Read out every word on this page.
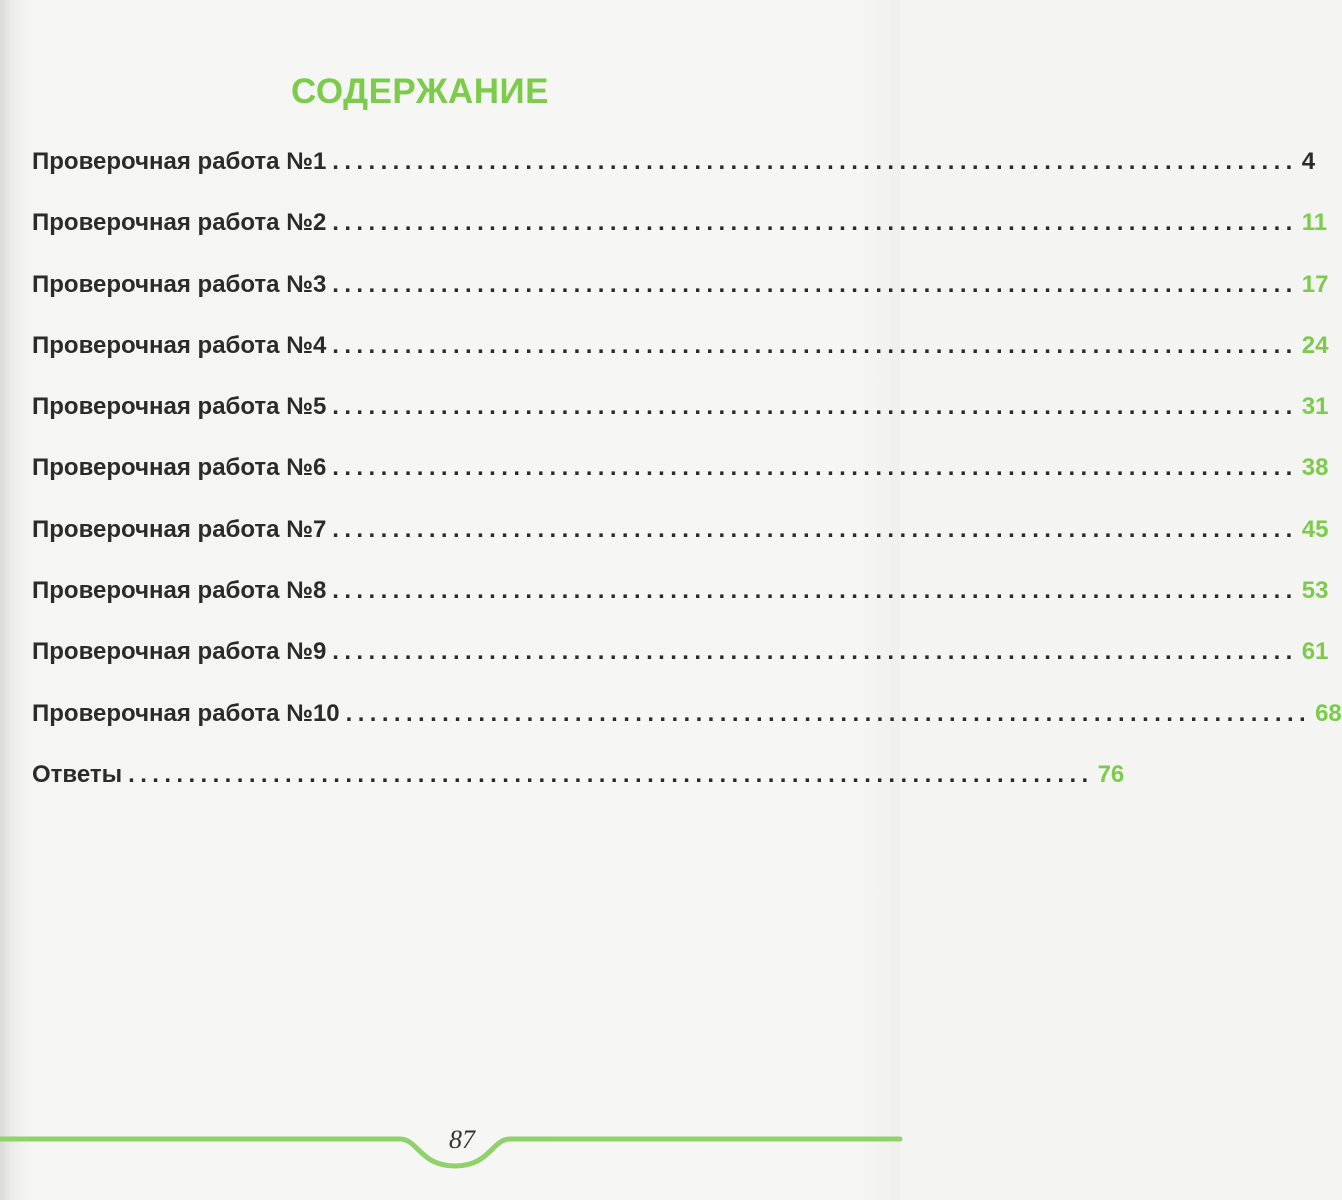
СОДЕРЖАНИЕ
Проверочная работа №1 ................................................................................ 4
Проверочная работа №2 ................................................................................ 11
Проверочная работа №3 ................................................................................ 17
Проверочная работа №4 ................................................................................ 24
Проверочная работа №5 ................................................................................ 31
Проверочная работа №6 ................................................................................ 38
Проверочная работа №7 ................................................................................ 45
Проверочная работа №8 ................................................................................ 53
Проверочная работа №9 ................................................................................ 61
Проверочная работа №10 ................................................................................ 68
Ответы ................................................................................ 76
87
